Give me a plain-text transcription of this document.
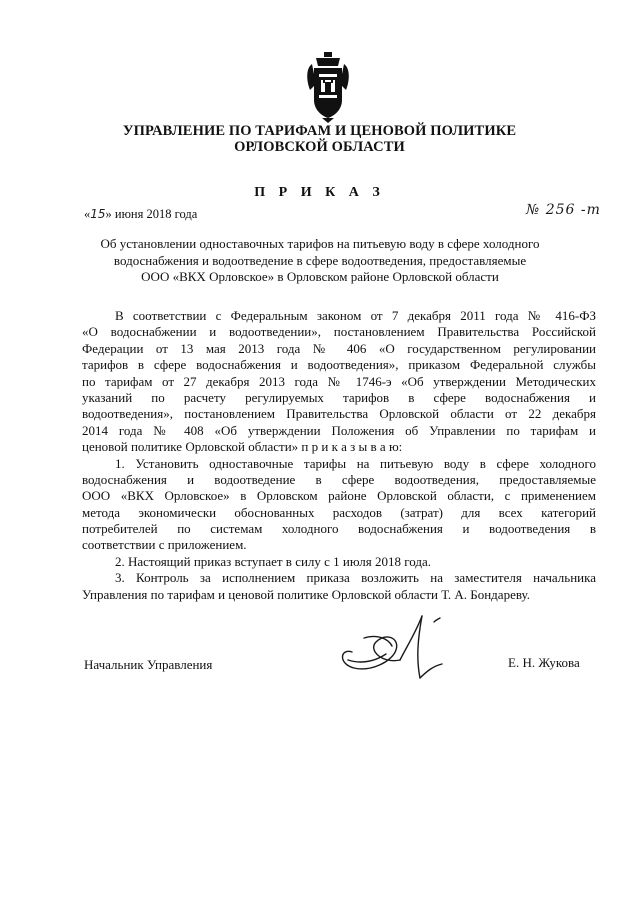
УПРАВЛЕНИЕ ПО ТАРИФАМ И ЦЕНОВОЙ ПОЛИТИКЕ
ОРЛОВСКОЙ ОБЛАСТИ
П Р И К А З
«15» июня 2018 года	№ 256 -т
Об установлении одноставочных тарифов на питьевую воду в сфере холодного
водоснабжения и водоотведение в сфере водоотведения, предоставляемые
ООО «ВКХ Орловское» в Орловском районе Орловской области
В соответствии с Федеральным законом от 7 декабря 2011 года № 416-ФЗ
«О водоснабжении и водоотведении», постановлением Правительства Российской
Федерации от 13 мая 2013 года № 406 «О государственном регулировании
тарифов в сфере водоснабжения и водоотведения», приказом Федеральной службы
по тарифам от 27 декабря 2013 года № 1746-э «Об утверждении Методических
указаний по расчету регулируемых тарифов в сфере водоснабжения и
водоотведения», постановлением Правительства Орловской области от 22 декабря
2014 года № 408 «Об утверждении Положения об Управлении по тарифам и
ценовой политике Орловской области» п р и к а з ы в а ю:
1. Установить одноставочные тарифы на питьевую воду в сфере холодного
водоснабжения и водоотведение в сфере водоотведения, предоставляемые
ООО «ВКХ Орловское» в Орловском районе Орловской области, с применением
метода экономически обоснованных расходов (затрат) для всех категорий
потребителей по системам холодного водоснабжения и водоотведения в
соответствии с приложением.
2. Настоящий приказ вступает в силу с 1 июля 2018 года.
3. Контроль за исполнением приказа возложить на заместителя начальника
Управления по тарифам и ценовой политике Орловской области Т. А. Бондареву.
Начальник Управления	Е. Н. Жукова
